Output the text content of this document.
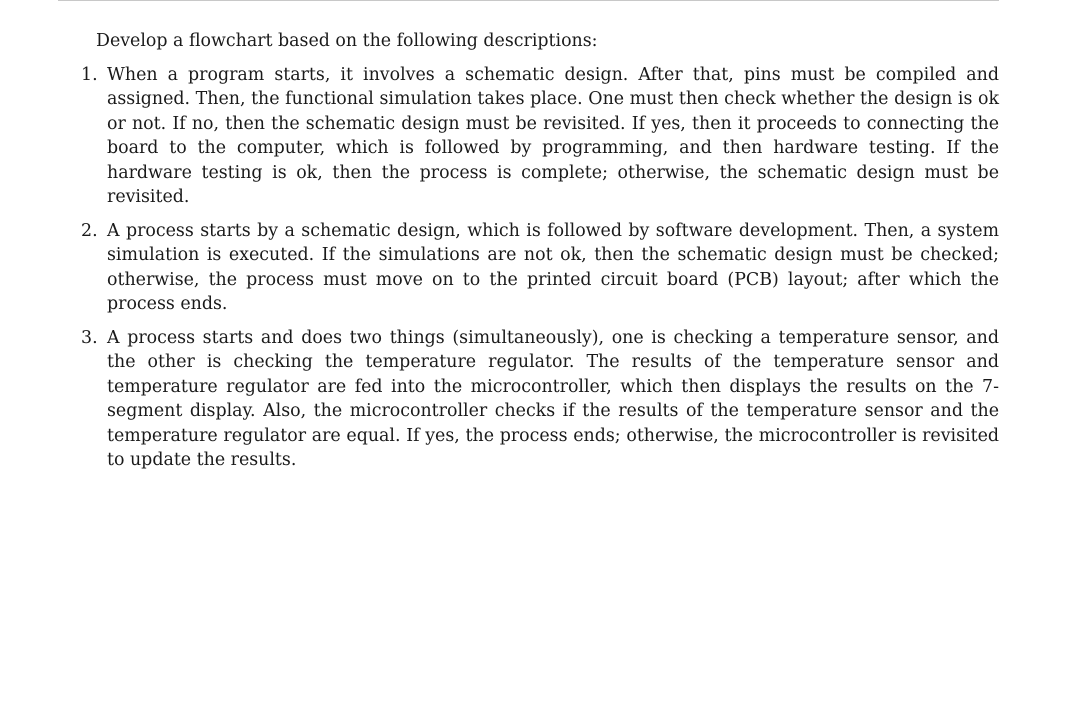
Develop a flowchart based on the following descriptions:

1. When a program starts, it involves a schematic design. After that, pins must be compiled and assigned. Then, the functional simulation takes place. One must then check whether the design is ok or not. If no, then the schematic design must be revisited. If yes, then it proceeds to connecting the board to the computer, which is followed by programming, and then hardware testing. If the hardware testing is ok, then the process is complete; otherwise, the schematic design must be revisited.
2. A process starts by a schematic design, which is followed by software development. Then, a system simulation is executed. If the simulations are not ok, then the schematic design must be checked; otherwise, the process must move on to the printed circuit board (PCB) layout; after which the process ends.
3. A process starts and does two things (simultaneously), one is checking a temperature sensor, and the other is checking the temperature regulator. The results of the temperature sensor and temperature regulator are fed into the microcontroller, which then displays the results on the 7-segment display. Also, the microcontroller checks if the results of the temperature sensor and the temperature regulator are equal. If yes, the process ends; otherwise, the microcontroller is revisited to update the results.
